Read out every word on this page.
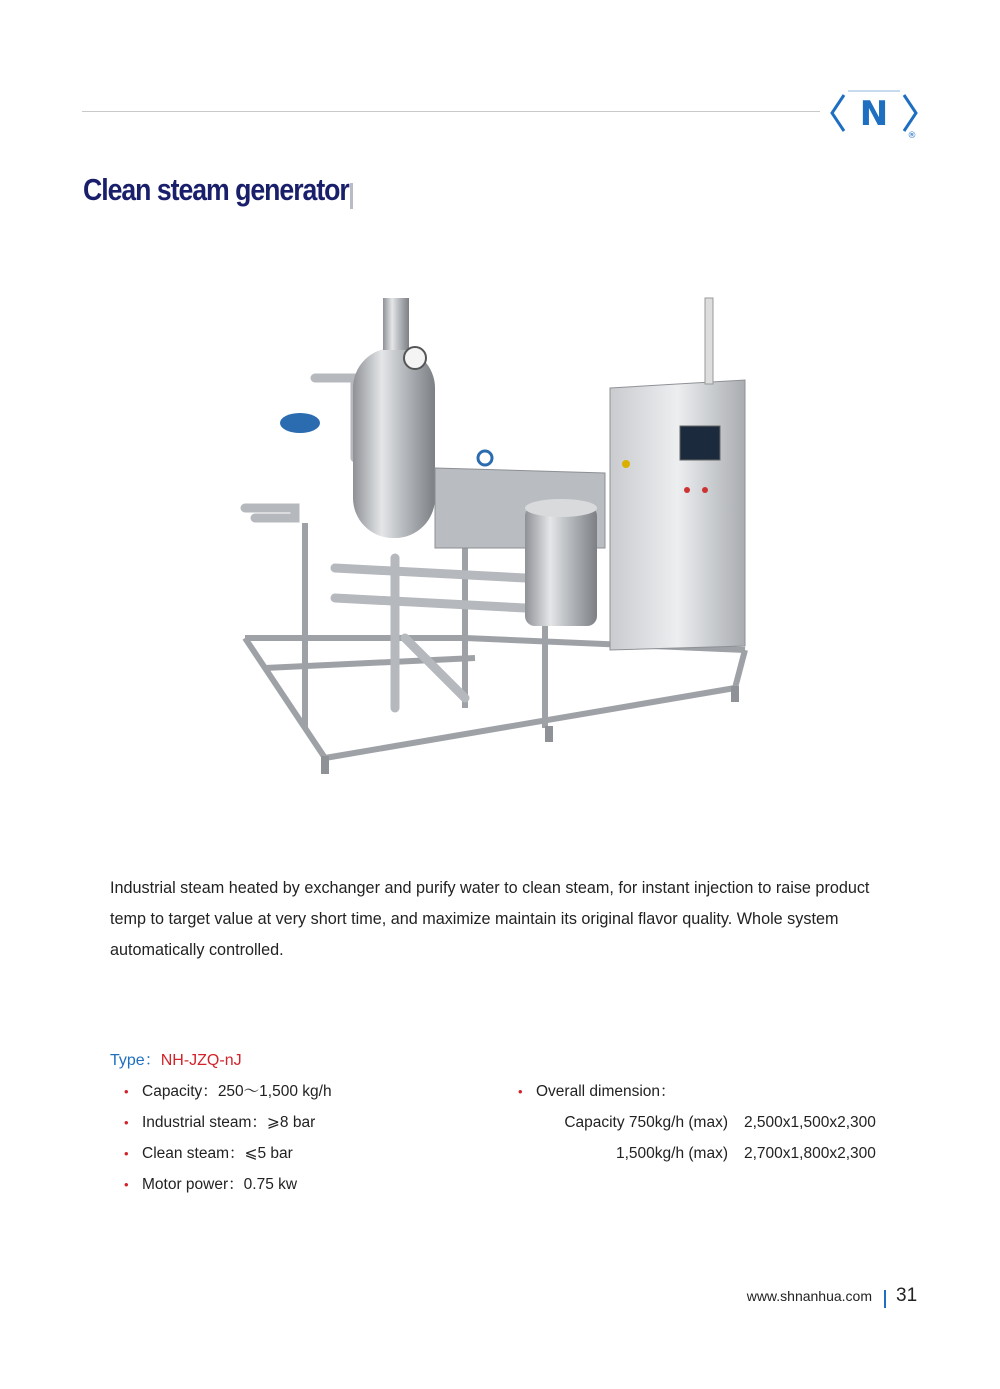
N
®
Clean steam generator

Industrial steam heated by exchanger and purify water to clean steam, for instant injection to raise product temp to target value at very short time, and maximize maintain its original flavor quality. Whole system automatically controlled.

Type：NH-JZQ-nJ
• Capacity：250～1,500 kg/h
• Industrial steam：⩾8 bar
• Clean steam：⩽5 bar
• Motor power：0.75 kw
• Overall dimension：
Capacity 750kg/h (max) 2,500x1,500x2,300
1,500kg/h (max) 2,700x1,800x2,300
www.shnanhua.com 31
